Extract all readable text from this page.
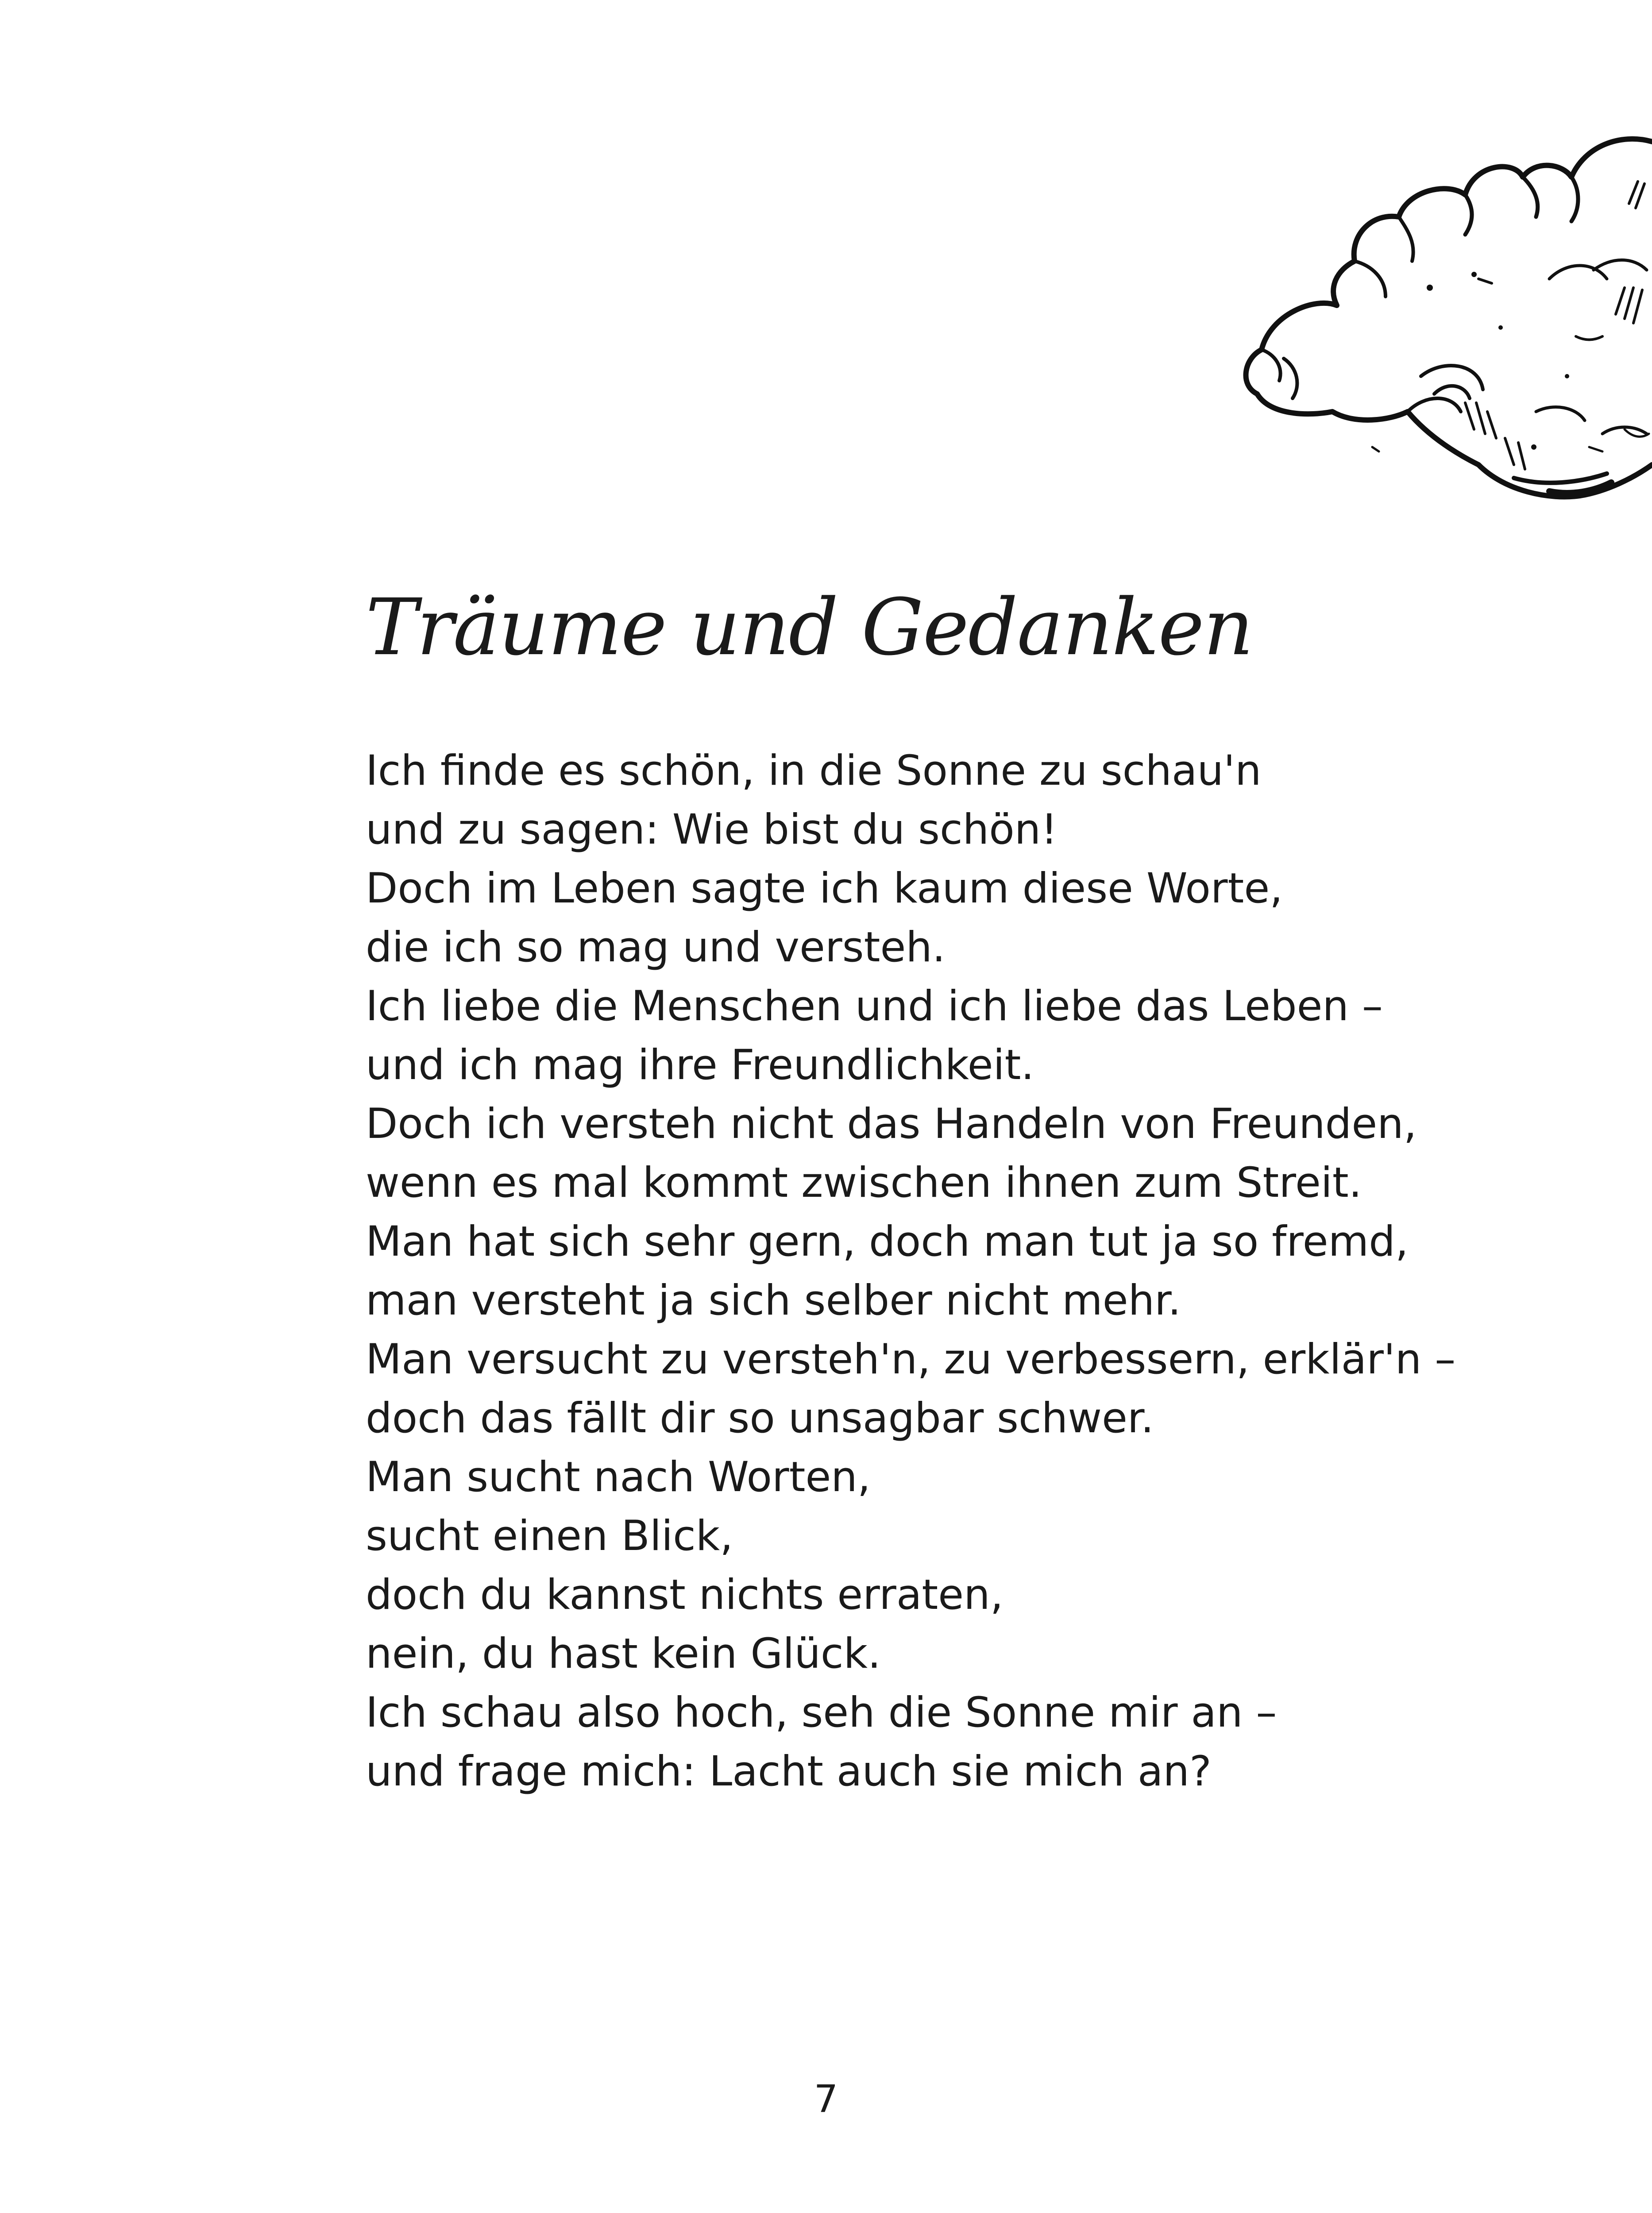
Träume und Gedanken
Ich finde es schön, in die Sonne zu schau'n
und zu sagen: Wie bist du schön!
Doch im Leben sagte ich kaum diese Worte,
die ich so mag und versteh.
Ich liebe die Menschen und ich liebe das Leben –
und ich mag ihre Freundlichkeit.
Doch ich versteh nicht das Handeln von Freunden,
wenn es mal kommt zwischen ihnen zum Streit.
Man hat sich sehr gern, doch man tut ja so fremd,
man versteht ja sich selber nicht mehr.
Man versucht zu versteh'n, zu verbessern, erklär'n –
doch das fällt dir so unsagbar schwer.
Man sucht nach Worten,
sucht einen Blick,
doch du kannst nichts erraten,
nein, du hast kein Glück.
Ich schau also hoch, seh die Sonne mir an –
und frage mich: Lacht auch sie mich an?
7
